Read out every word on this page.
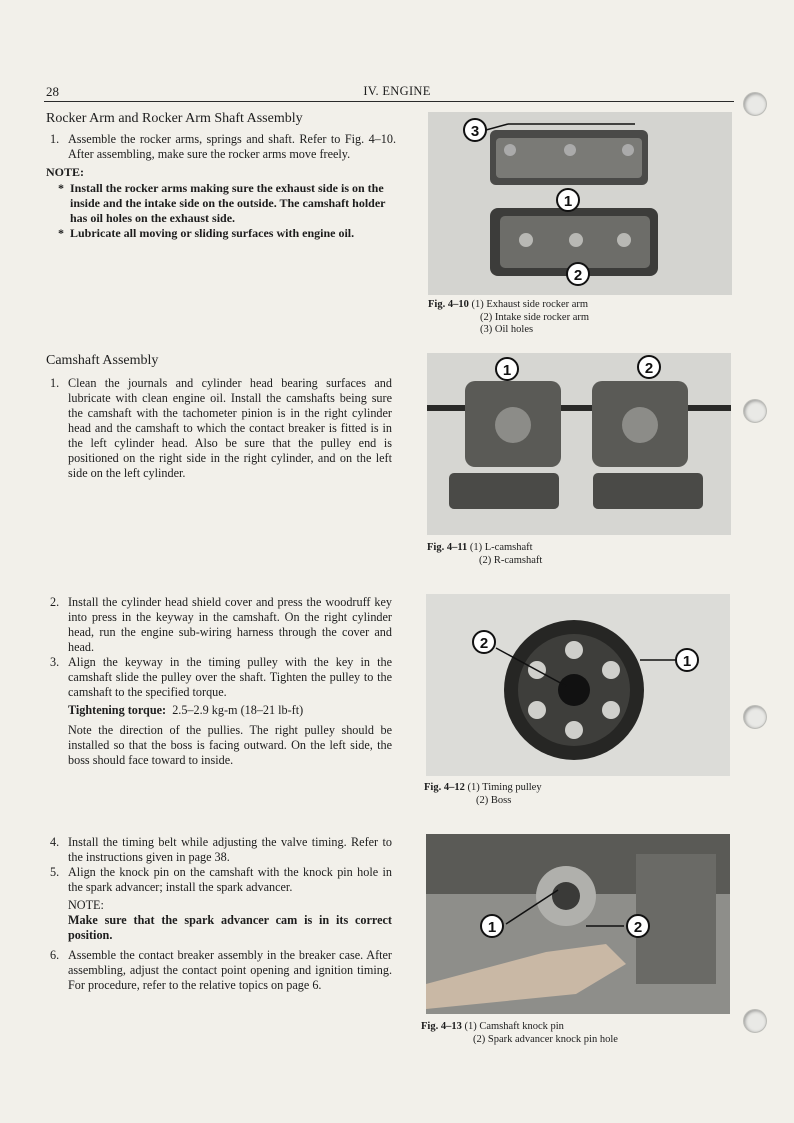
28	IV. ENGINE
Rocker Arm and Rocker Arm Shaft Assembly

1. Assemble the rocker arms, springs and shaft. Refer to Fig. 4–10. After assembling, make sure the rocker arms move freely.

NOTE:
* Install the rocker arms making sure the exhaust side is on the inside and the intake side on the outside. The camshaft holder has oil holes on the exhaust side.
* Lubricate all moving or sliding surfaces with engine oil.
Camshaft Assembly

1. Clean the journals and cylinder head bearing surfaces and lubricate with clean engine oil. Install the camshafts being sure the camshaft with the tachometer pinion is in the right cylinder head and the camshaft to which the contact breaker is fitted is in the left cylinder head. Also be sure that the pulley end is positioned on the right side in the right cylinder, and on the left side on the left cylinder.

2. Install the cylinder head shield cover and press the woodruff key into press in the keyway in the camshaft. On the right cylinder head, run the engine sub-wiring harness through the cover and head.

3. Align the keyway in the timing pulley with the key in the camshaft slide the pulley over the shaft. Tighten the pulley to the camshaft to the specified torque.

Tightening torque: 2.5–2.9 kg-m (18–21 lb-ft)

Note the direction of the pullies. The right pulley should be installed so that the boss is facing outward. On the left side, the boss should face toward to inside.

4. Install the timing belt while adjusting the valve timing. Refer to the instructions given in page 38.

5. Align the knock pin on the camshaft with the knock pin hole in the spark advancer; install the spark advancer.

NOTE:
Make sure that the spark advancer cam is in its correct position.

6. Assemble the contact breaker assembly in the breaker case. After assembling, adjust the contact point opening and ignition timing. For procedure, refer to the relative topics on page 6.

3
1
2
Fig. 4–10 (1) Exhaust side rocker arm
(2) Intake side rocker arm
(3) Oil holes
1	2
Fig. 4–11 (1) L-camshaft
(2) R-camshaft
2
1
Fig. 4–12 (1) Timing pulley
(2) Boss
1	2
Fig. 4–13 (1) Camshaft knock pin
(2) Spark advancer knock pin hole
